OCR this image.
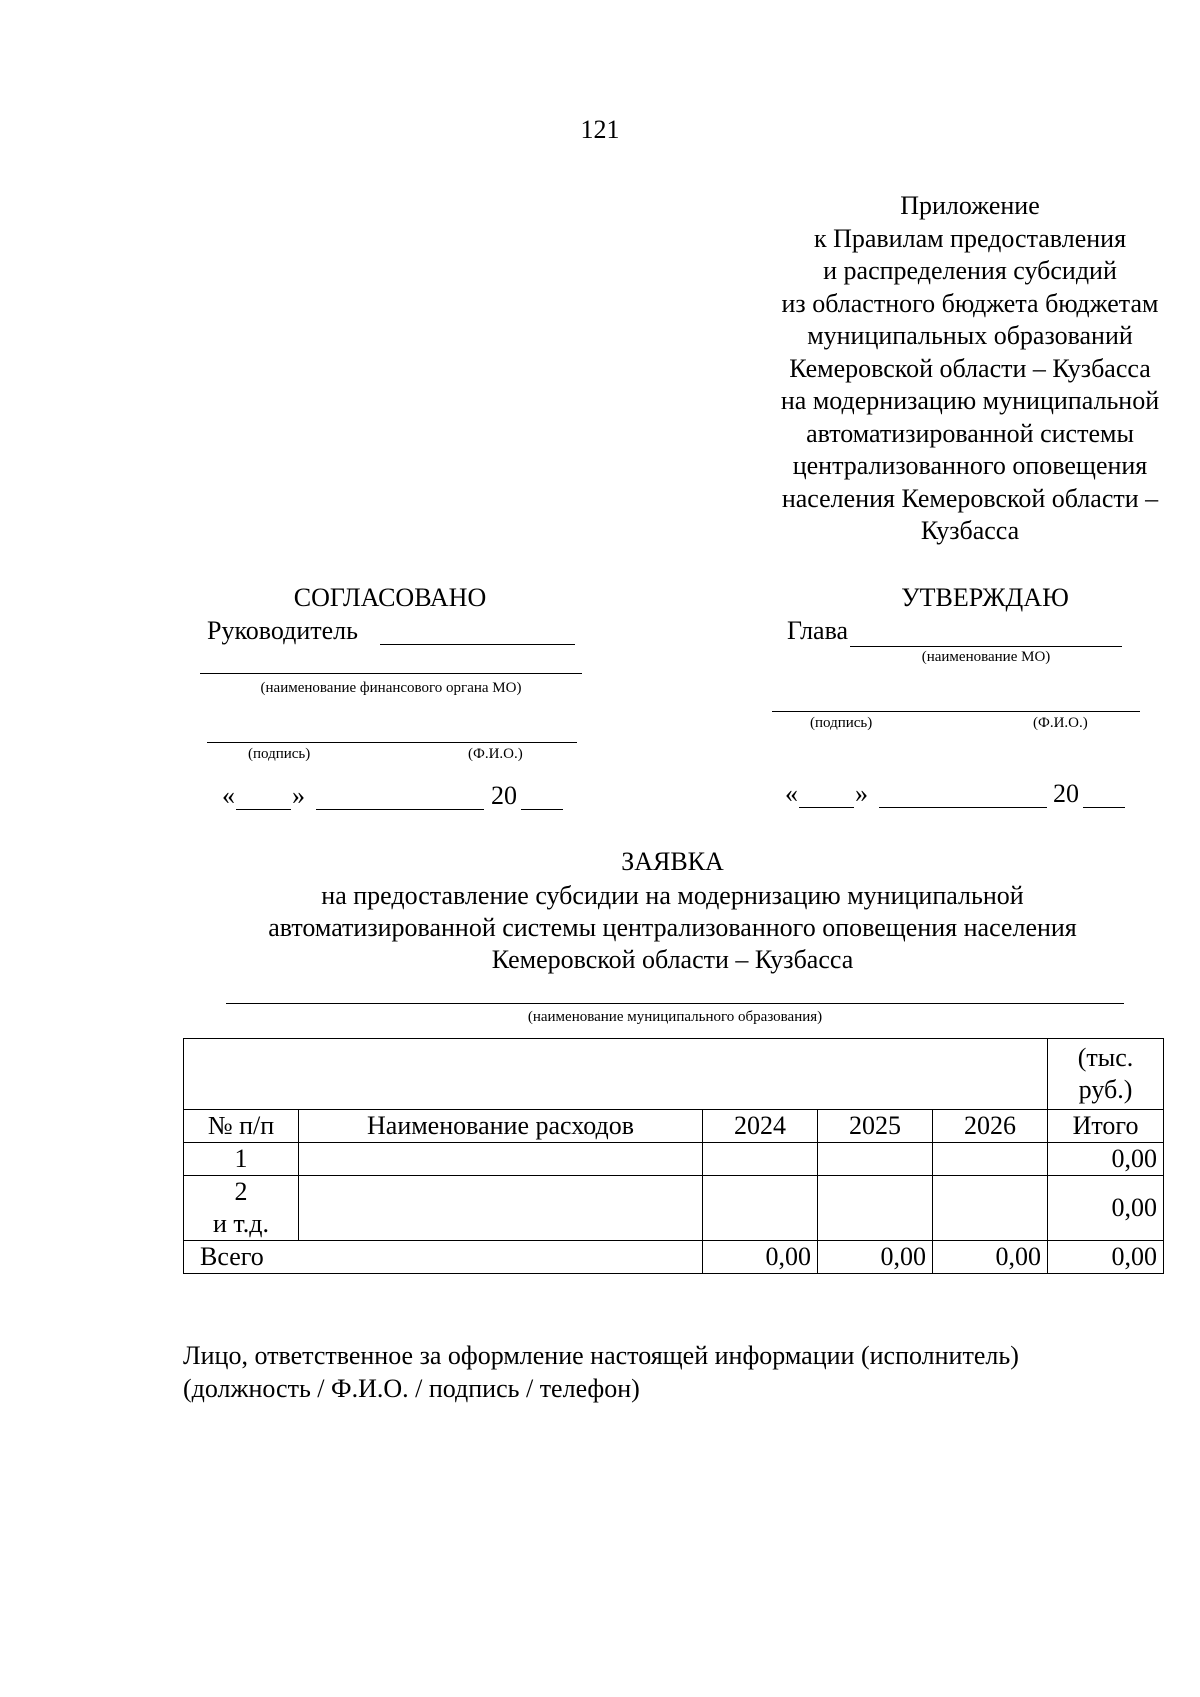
121
Приложение
к Правилам предоставления
и распределения субсидий
из областного бюджета бюджетам
муниципальных образований
Кемеровской области – Кузбасса
на модернизацию муниципальной
автоматизированной системы
централизованного оповещения
населения Кемеровской области –
Кузбасса
СОГЛАСОВАНО
Руководитель
(наименование финансового органа МО)
(подпись)	(Ф.И.О.)
« »	20
УТВЕРЖДАЮ
Глава
(наименование МО)
(подпись)	(Ф.И.О.)
« »	20
ЗАЯВКА
на предоставление субсидии на модернизацию муниципальной
автоматизированной системы централизованного оповещения населения
Кемеровской области – Кузбасса
(наименование муниципального образования)

					(тыс.
руб.)

№ п/п	Наименование расходов	2024	2025	2026	Итого
1					0,00

2
и т.д.					0,00
Всего		0,00	0,00	0,00	0,00
Лицо, ответственное за оформление настоящей информации (исполнитель)
(должность / Ф.И.О. / подпись / телефон)
